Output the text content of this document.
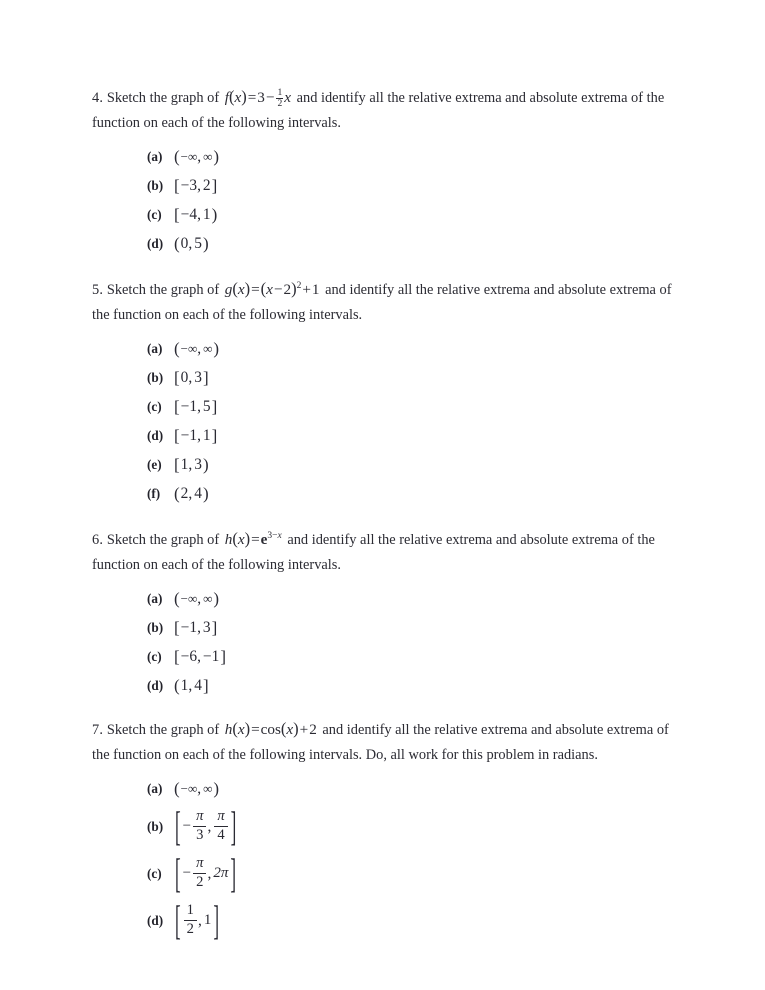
4. Sketch the graph of $f(x)=3- \frac{1}{2}$ x and identify all the relative extrema and absolute extrema of the function on each of the following intervals.
(a) ( −∞ , ∞ )
(b) [ −3 , 2 ]
(c) [ −4 , 1 )
(d) ( 0 , 5 )
5. Sketch the graph of $g(x)=(x-2)^2+1$ and identify all the relative extrema and absolute extrema of the function on each of the following intervals.
(a) ( −∞ , ∞ )
(b) [ 0 , 3 ]
(c) [ −1 , 5 ]
(d) [ −1 , 1 ]
(e) [ 1 , 3 )
(f) ( 2 , 4 )
6. Sketch the graph of $h(x)=e^{3-x}$ and identify all the relative extrema and absolute extrema of the function on each of the following intervals.
(a) ( −∞ , ∞ )
(b) [ −1 , 3 ]
(c) [ −6 , −1 ]
(d) ( 1 , 4 ]
7. Sketch the graph of h(x)=cos(x)+2 and identify all the relative extrema and absolute extrema of the function on each of the following intervals. Do, all work for this problem in radians.
(a) ( −∞ , ∞ )
(b) [ − $\frac{\pi}{3}$ , $\frac{\pi}{4}$ ]
(c) [ − $\frac{\pi}{2}$ , 2π ]
(d) [ $\frac{1}{2}$ , 1 ]
